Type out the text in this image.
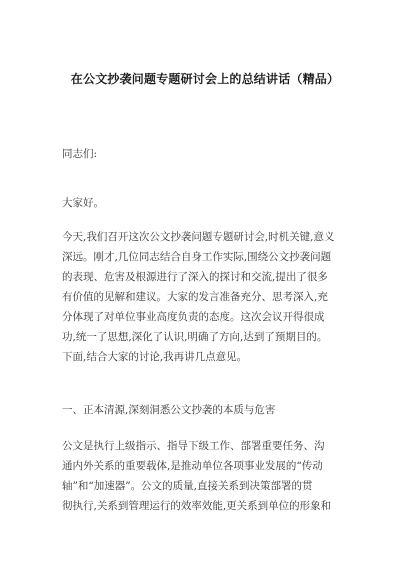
在公文抄袭问题专题研讨会上的总结讲话（精品）
同志们:
大家好。
今天,我们召开这次公文抄袭问题专题研讨会,时机关键,意义
深远。刚才,几位同志结合自身工作实际,围绕公文抄袭问题
的表现、危害及根源进行了深入的探讨和交流,提出了很多
有价值的见解和建议。大家的发言准备充分、思考深入,充
分体现了对单位事业高度负责的态度。这次会议开得很成
功,统一了思想,深化了认识,明确了方向,达到了预期目的。
下面,结合大家的讨论,我再讲几点意见。
一、正本清源,深刻洞悉公文抄袭的本质与危害
公文是执行上级指示、指导下级工作、部署重要任务、沟
通内外关系的重要载体,是推动单位各项事业发展的“传动
轴”和“加速器”。公文的质量,直接关系到决策部署的贯
彻执行,关系到管理运行的效率效能,更关系到单位的形象和
